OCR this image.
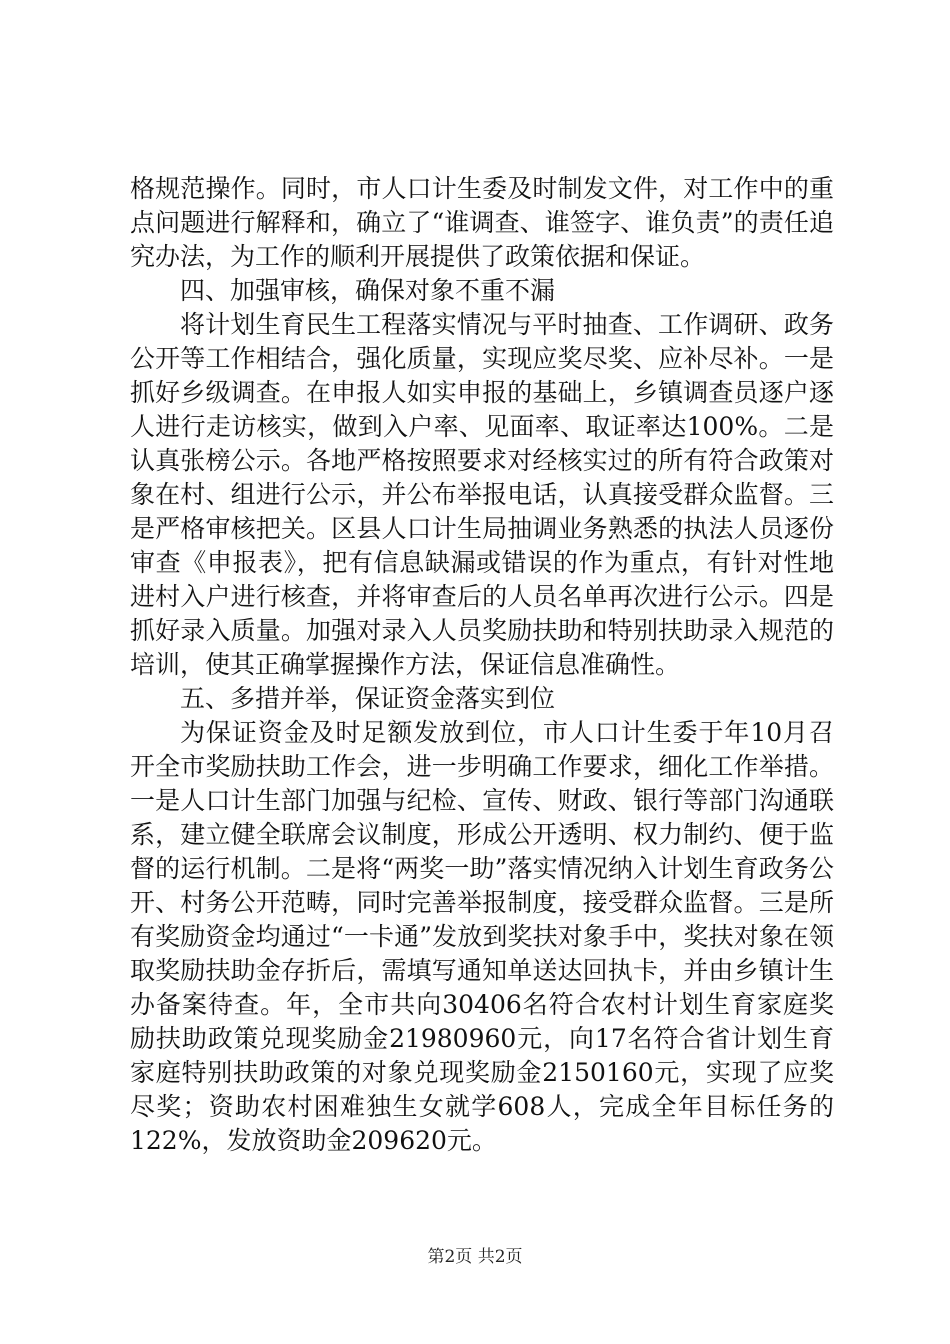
格规范操作。同时，市人口计生委及时制发文件，对工作中的重点问题进行解释和，确立了“谁调查、谁签字、谁负责”的责任追究办法，为工作的顺利开展提供了政策依据和保证。

四、加强审核，确保对象不重不漏

将计划生育民生工程落实情况与平时抽查、工作调研、政务公开等工作相结合，强化质量，实现应奖尽奖、应补尽补。一是抓好乡级调查。在申报人如实申报的基础上，乡镇调查员逐户逐人进行走访核实，做到入户率、见面率、取证率达100%。二是认真张榜公示。各地严格按照要求对经核实过的所有符合政策对象在村、组进行公示，并公布举报电话，认真接受群众监督。三是严格审核把关。区县人口计生局抽调业务熟悉的执法人员逐份审查《申报表》，把有信息缺漏或错误的作为重点，有针对性地进村入户进行核查，并将审查后的人员名单再次进行公示。四是抓好录入质量。加强对录入人员奖励扶助和特别扶助录入规范的培训，使其正确掌握操作方法，保证信息准确性。

五、多措并举，保证资金落实到位

为保证资金及时足额发放到位，市人口计生委于年10月召开全市奖励扶助工作会，进一步明确工作要求，细化工作举措。一是人口计生部门加强与纪检、宣传、财政、银行等部门沟通联系，建立健全联席会议制度，形成公开透明、权力制约、便于监督的运行机制。二是将“两奖一助”落实情况纳入计划生育政务公开、村务公开范畴，同时完善举报制度，接受群众监督。三是所有奖励资金均通过“一卡通”发放到奖扶对象手中，奖扶对象在领取奖励扶助金存折后，需填写通知单送达回执卡，并由乡镇计生办备案待查。年，全市共向30406名符合农村计划生育家庭奖励扶助政策兑现奖励金21980960元，向17名符合省计划生育家庭特别扶助政策的对象兑现奖励金2150160元，实现了应奖尽奖；资助农村困难独生女就学608人，完成全年目标任务的122%，发放资助金209620元。

第2页 共2页
